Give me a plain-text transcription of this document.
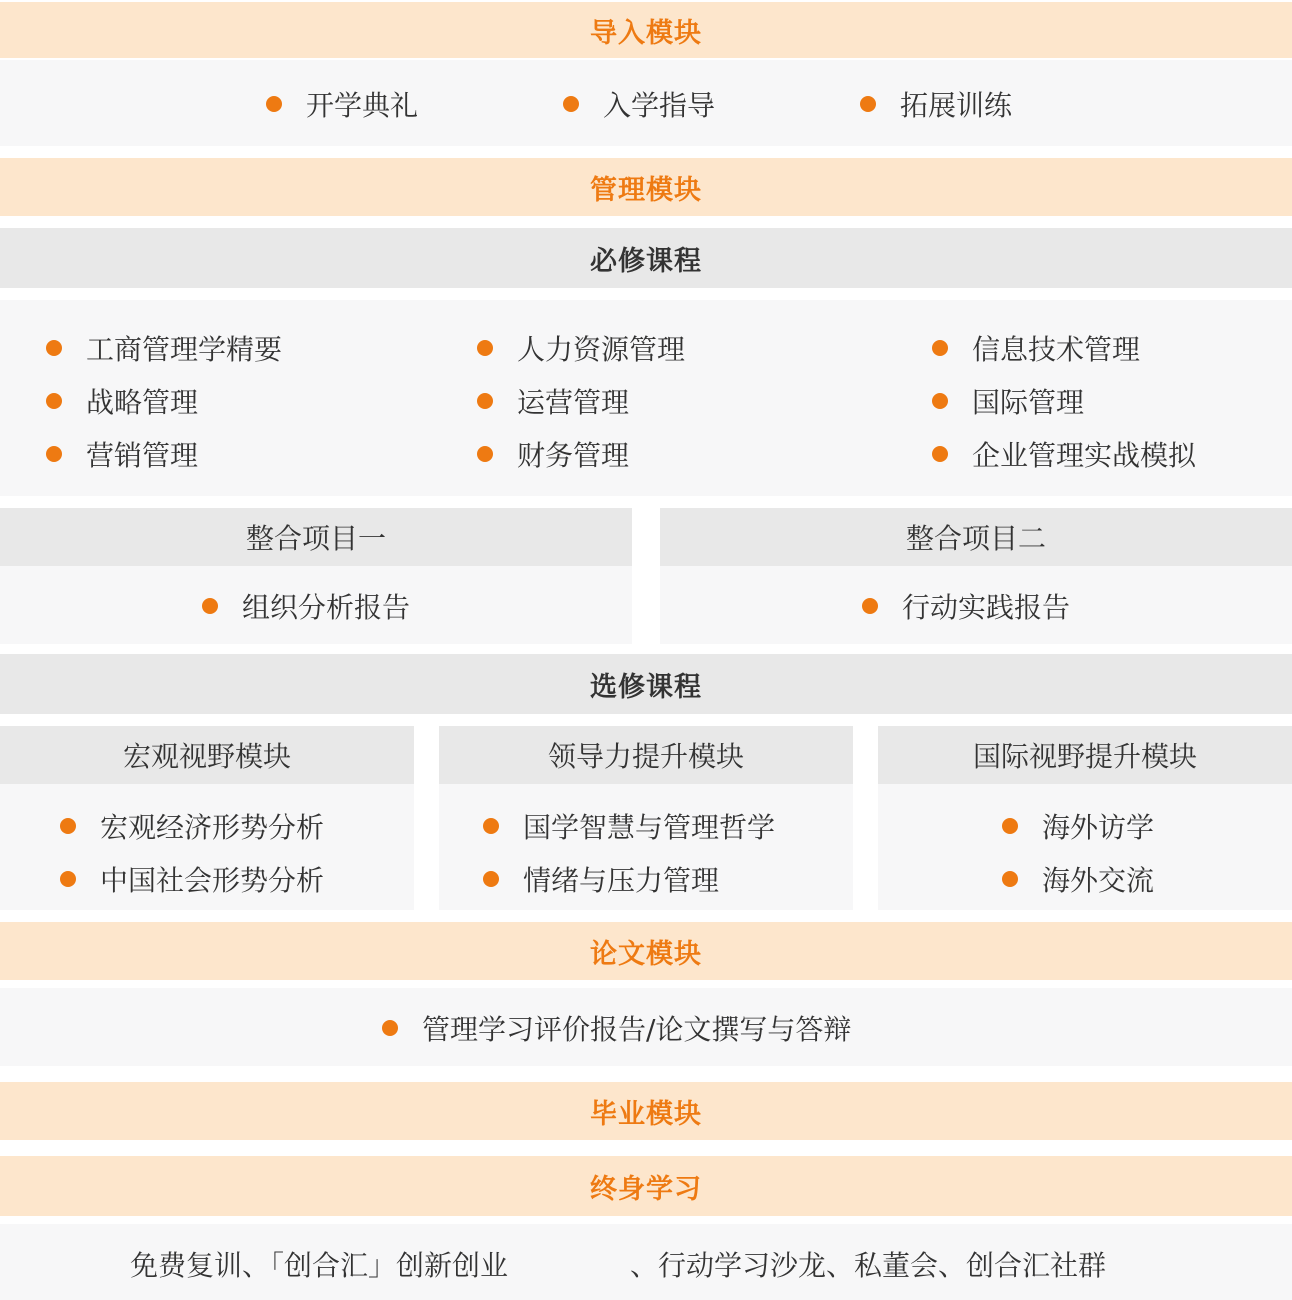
导入模块
开学典礼	入学指导	拓展训练
管理模块
必修课程
工商管理学精要
战略管理
营销管理
人力资源管理
运营管理
财务管理
信息技术管理
国际管理
企业管理实战模拟
整合项目一
组织分析报告
整合项目二
行动实践报告
选修课程
宏观视野模块
宏观经济形势分析
中国社会形势分析
领导力提升模块
国学智慧与管理哲学
情绪与压力管理
国际视野提升模块
海外访学
海外交流
论文模块
管理学习评价报告/论文撰写与答辩
毕业模块
终身学习
免费复训、「创合汇」创新创业	、行动学习沙龙、私董会、创合汇社群
